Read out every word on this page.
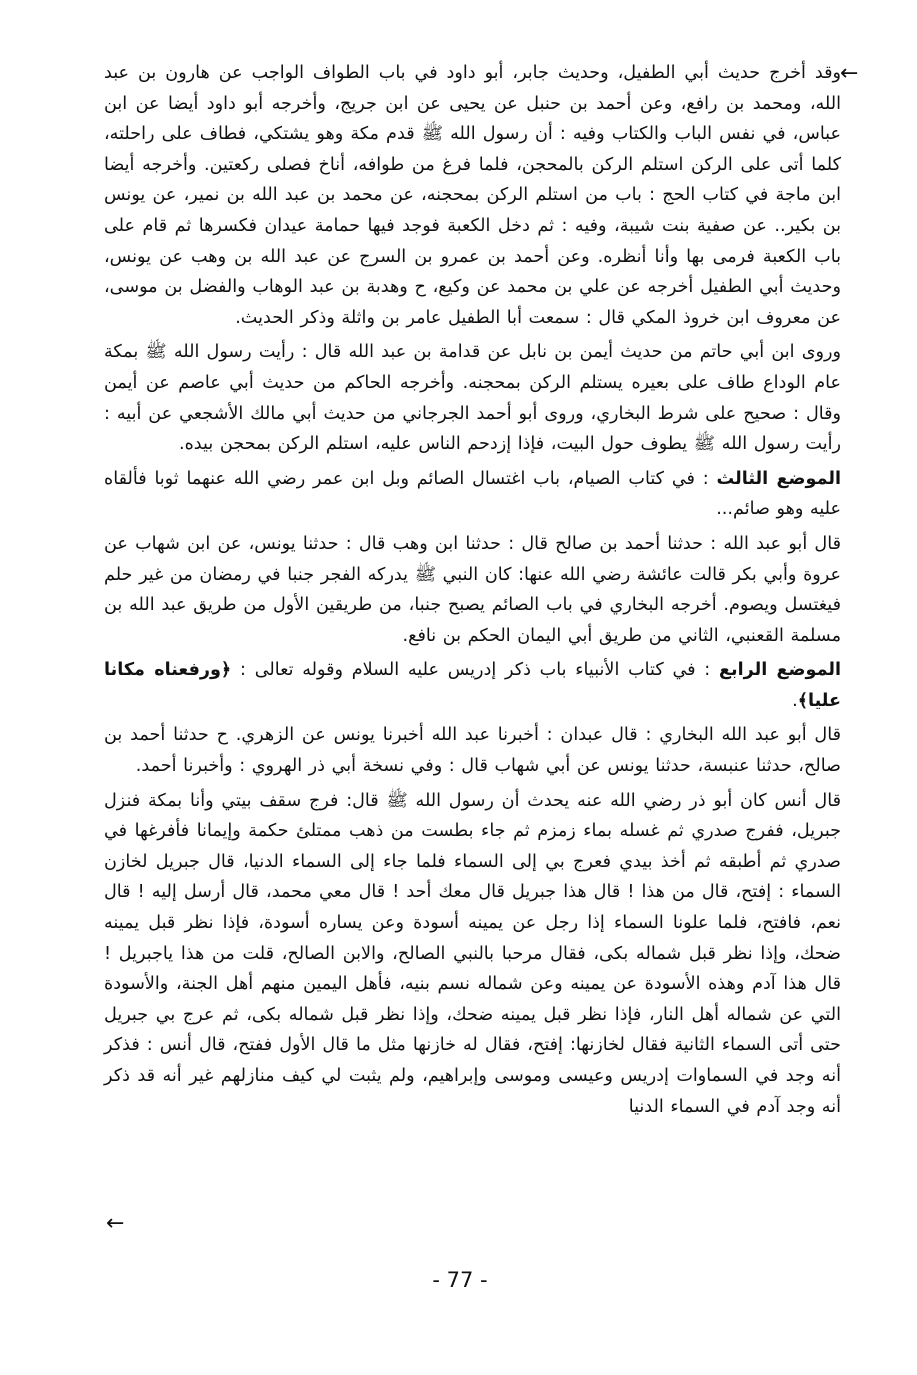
←

وقد أخرج حديث أبي الطفيل، وحديث جابر، أبو داود في باب الطواف الواجب عن هارون بن عبد الله، ومحمد بن رافع، وعن أحمد بن حنبل عن يحيى عن ابن جريج، وأخرجه أبو داود أيضا عن ابن عباس، في نفس الباب والكتاب وفيه : أن رسول الله ﷺ قدم مكة وهو يشتكي، فطاف على راحلته، كلما أتى على الركن استلم الركن بالمحجن، فلما فرغ من طوافه، أناخ فصلى ركعتين. وأخرجه أيضا ابن ماجة في كتاب الحج : باب من استلم الركن بمحجنه، عن محمد بن عبد الله بن نمير، عن يونس بن بكير.. عن صفية بنت شيبة، وفيه : ثم دخل الكعبة فوجد فيها حمامة عيدان فكسرها ثم قام على باب الكعبة فرمى بها وأنا أنظره. وعن أحمد بن عمرو بن السرج عن عبد الله بن وهب عن يونس، وحديث أبي الطفيل أخرجه عن علي بن محمد عن وكيع، ح وهدبة بن عبد الوهاب والفضل بن موسى، عن معروف ابن خروذ المكي قال : سمعت أبا الطفيل عامر بن واثلة وذكر الحديث.

وروى ابن أبي حاتم من حديث أيمن بن نابل عن قدامة بن عبد الله قال : رأيت رسول الله ﷺ بمكة عام الوداع طاف على بعيره يستلم الركن بمحجنه. وأخرجه الحاكم من حديث أبي عاصم عن أيمن وقال : صحيح على شرط البخاري، وروى أبو أحمد الجرجاني من حديث أبي مالك الأشجعي عن أبيه : رأيت رسول الله ﷺ يطوف حول البيت، فإذا إزدحم الناس عليه، استلم الركن بمحجن بيده.

الموضع الثالث : في كتاب الصيام، باب اغتسال الصائم وبل ابن عمر رضي الله عنهما ثوبا فألقاه عليه وهو صائم...

قال أبو عبد الله : حدثنا أحمد بن صالح قال : حدثنا ابن وهب قال : حدثنا يونس، عن ابن شهاب عن عروة وأبي بكر قالت عائشة رضي الله عنها: كان النبي ﷺ يدركه الفجر جنبا في رمضان من غير حلم فيغتسل ويصوم. أخرجه البخاري في باب الصائم يصبح جنبا، من طريقين الأول من طريق عبد الله بن مسلمة القعنبي، الثاني من طريق أبي اليمان الحكم بن نافع.

الموضع الرابع : في كتاب الأنبياء باب ذكر إدريس عليه السلام وقوله تعالى : ﴿ورفعناه مكانا عليا﴾.

قال أبو عبد الله البخاري : قال عبدان : أخبرنا عبد الله أخبرنا يونس عن الزهري. ح حدثنا أحمد بن صالح، حدثنا عنبسة، حدثنا يونس عن أبي شهاب قال : وفي نسخة أبي ذر الهروي : وأخبرنا أحمد.

قال أنس كان أبو ذر رضي الله عنه يحدث أن رسول الله ﷺ قال: فرج سقف بيتي وأنا بمكة فنزل جبريل، ففرج صدري ثم غسله بماء زمزم ثم جاء بطست من ذهب ممتلئ حكمة وإيمانا فأفرغها في صدري ثم أطبقه ثم أخذ بيدي فعرج بي إلى السماء فلما جاء إلى السماء الدنيا، قال جبريل لخازن السماء : إفتح، قال من هذا ! قال هذا جبريل قال معك أحد ! قال معي محمد، قال أرسل إليه ! قال نعم، فافتح، فلما علونا السماء إذا رجل عن يمينه أسودة وعن يساره أسودة، فإذا نظر قبل يمينه ضحك، وإذا نظر قبل شماله بكى، فقال مرحبا بالنبي الصالح، والابن الصالح، قلت من هذا ياجبريل ! قال هذا آدم وهذه الأسودة عن يمينه وعن شماله نسم بنيه، فأهل اليمين منهم أهل الجنة، والأسودة التي عن شماله أهل النار، فإذا نظر قبل يمينه ضحك، وإذا نظر قبل شماله بكى، ثم عرج بي جبريل حتى أتى السماء الثانية فقال لخازنها: إفتح، فقال له خازنها مثل ما قال الأول ففتح، قال أنس : فذكر أنه وجد في السماوات إدريس وعيسى وموسى وإبراهيم، ولم يثبت لي كيف منازلهم غير أنه قد ذكر أنه وجد آدم في السماء الدنيا

←
- 77 -
